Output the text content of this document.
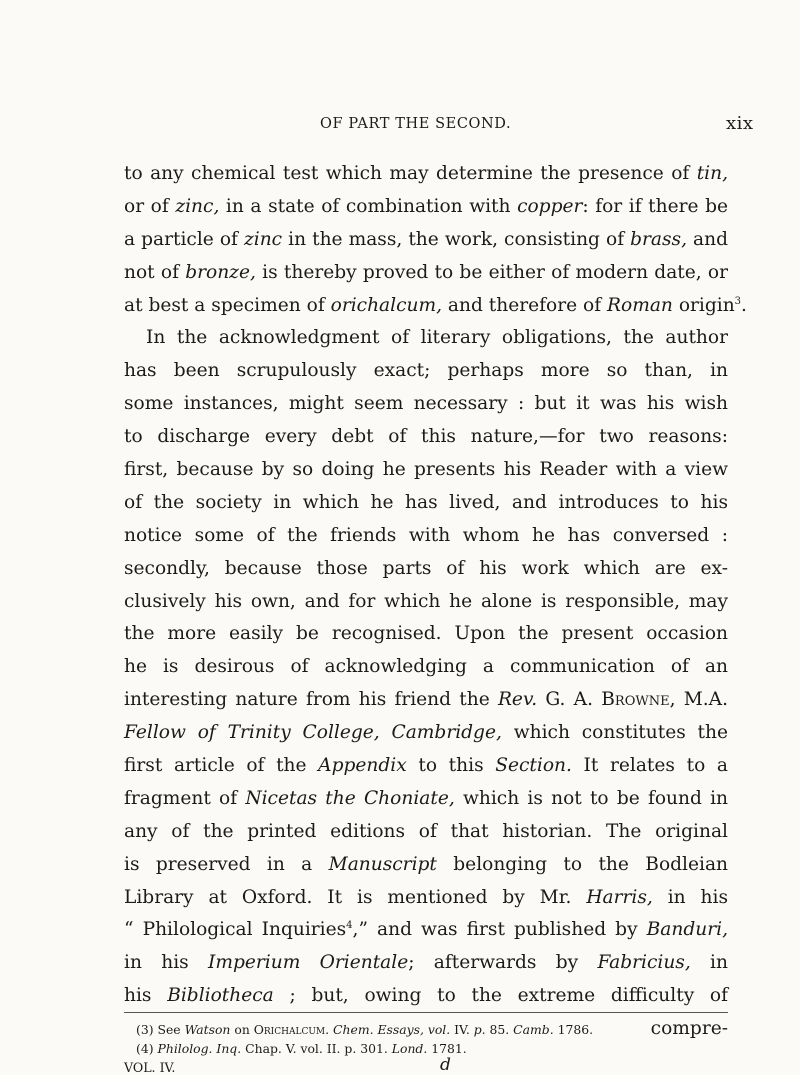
OF PART THE SECOND.	xix
to any chemical test which may determine the presence of tin,
or of zinc, in a state of combination with copper: for if there be
a particle of zinc in the mass, the work, consisting of brass, and
not of bronze, is thereby proved to be either of modern date, or
at best a specimen of orichalcum, and therefore of Roman origin$^3$.
In the acknowledgment of literary obligations, the author
has been scrupulously exact; perhaps more so than, in
some instances, might seem necessary : but it was his wish
to discharge every debt of this nature,—for two reasons:
first, because by so doing he presents his Reader with a view
of the society in which he has lived, and introduces to his
notice some of the friends with whom he has conversed :
secondly, because those parts of his work which are ex-
clusively his own, and for which he alone is responsible, may
the more easily be recognised. Upon the present occasion
he is desirous of acknowledging a communication of an
interesting nature from his friend the Rev. G. A. Browne, M.A.
Fellow of Trinity College, Cambridge, which constitutes the
first article of the Appendix to this Section. It relates to a
fragment of Nicetas the Choniate, which is not to be found in
any of the printed editions of that historian. The original
is preserved in a Manuscript belonging to the Bodleian
Library at Oxford. It is mentioned by Mr. Harris, in his
“ Philological Inquiries$^4$,” and was first published by Banduri,
in his Imperium Orientale; afterwards by Fabricius, in
his Bibliotheca ; but, owing to the extreme difficulty of
compre-
(3) See Watson on Orichalcum. Chem. Essays, vol. IV. p. 85. Camb. 1786.
(4) Philolog. Inq. Chap. V. vol. II. p. 301. Lond. 1781.
VOL. IV.	d
